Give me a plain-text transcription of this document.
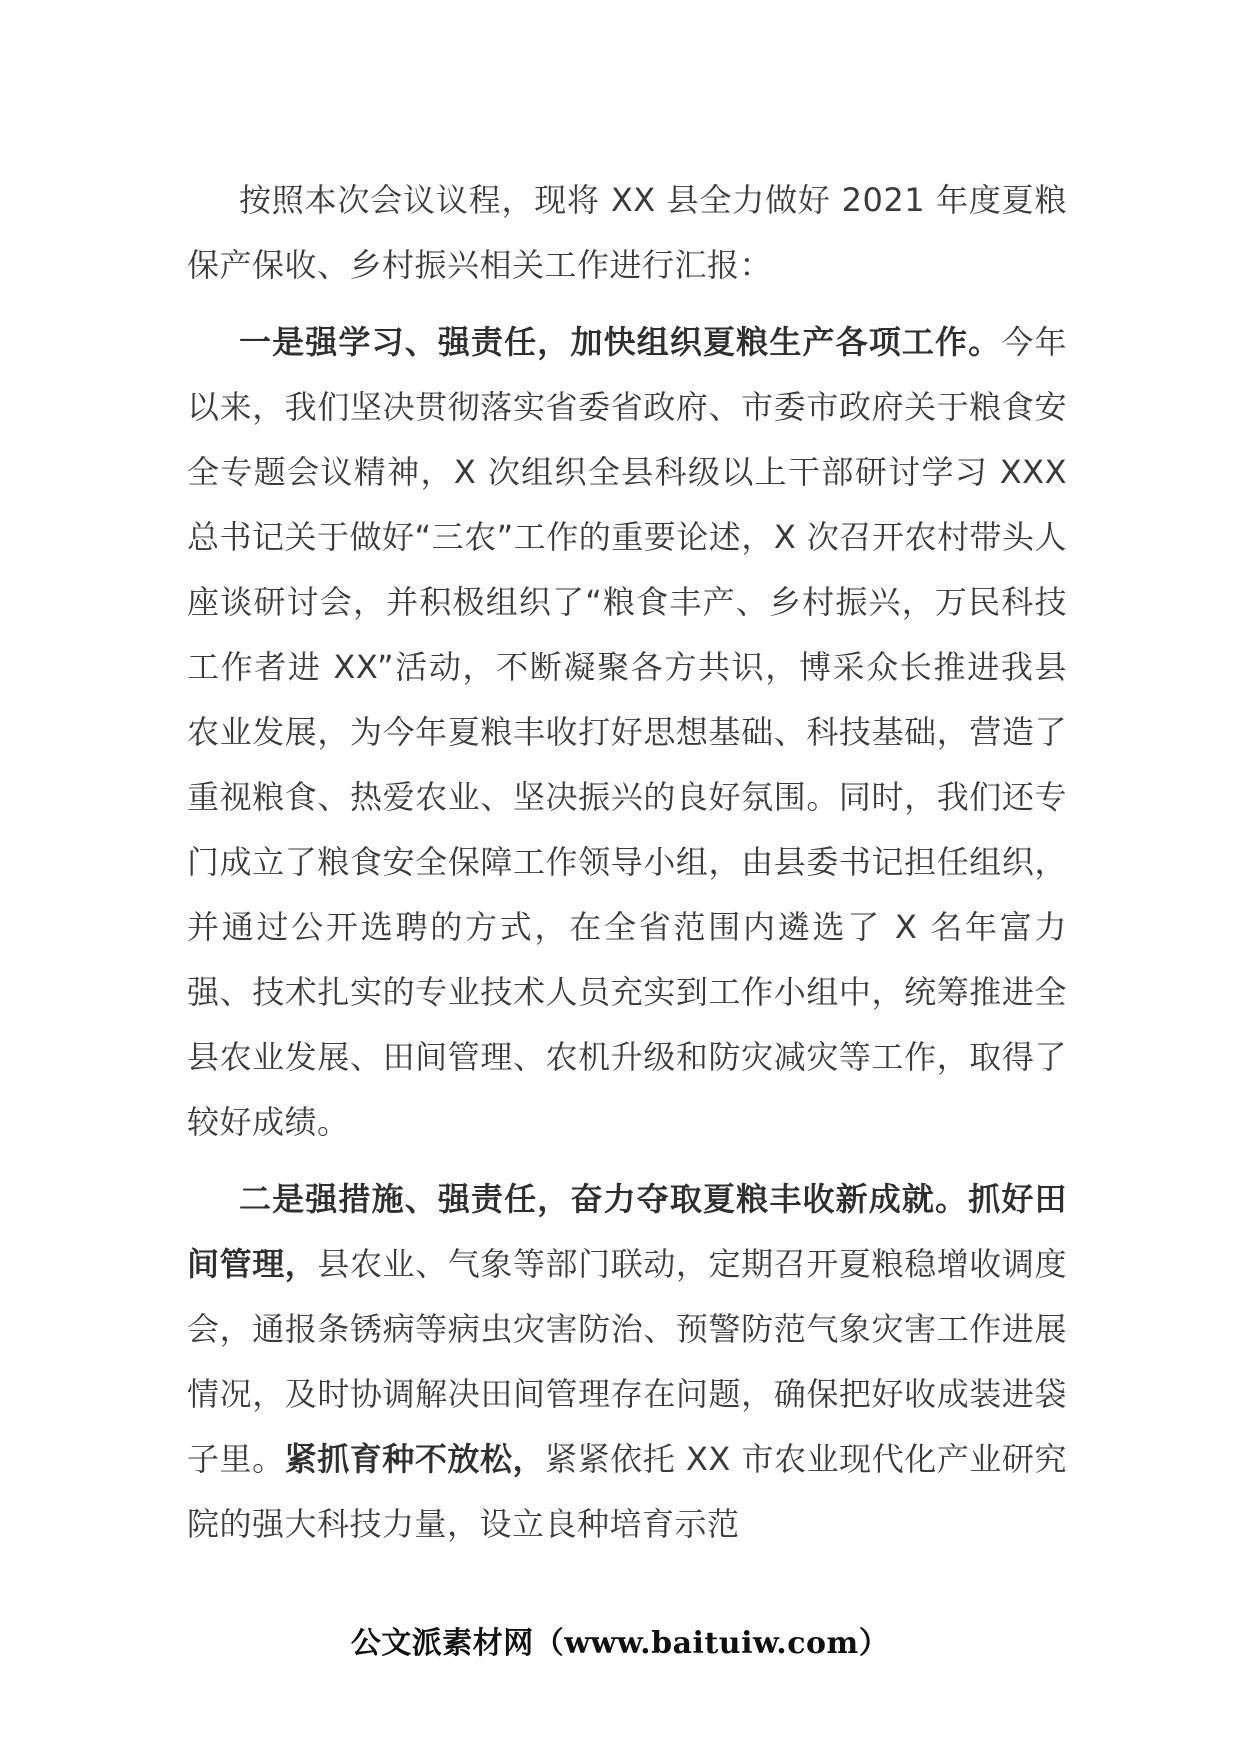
按照本次会议议程，现将 XX 县全力做好 2021 年度夏粮保产保收、乡村振兴相关工作进行汇报：

一是强学习、强责任，加快组织夏粮生产各项工作。今年以来，我们坚决贯彻落实省委省政府、市委市政府关于粮食安全专题会议精神，X 次组织全县科级以上干部研讨学习 XXX 总书记关于做好“三农”工作的重要论述，X 次召开农村带头人座谈研讨会，并积极组织了“粮食丰产、乡村振兴，万民科技工作者进 XX”活动，不断凝聚各方共识，博采众长推进我县农业发展，为今年夏粮丰收打好思想基础、科技基础，营造了重视粮食、热爱农业、坚决振兴的良好氛围。同时，我们还专门成立了粮食安全保障工作领导小组，由县委书记担任组织，并通过公开选聘的方式，在全省范围内遴选了 X 名年富力强、技术扎实的专业技术人员充实到工作小组中，统筹推进全县农业发展、田间管理、农机升级和防灾减灾等工作，取得了较好成绩。

二是强措施、强责任，奋力夺取夏粮丰收新成就。抓好田间管理，县农业、气象等部门联动，定期召开夏粮稳增收调度会，通报条锈病等病虫灾害防治、预警防范气象灾害工作进展情况，及时协调解决田间管理存在问题，确保把好收成装进袋子里。紧抓育种不放松，紧紧依托 XX 市农业现代化产业研究院的强大科技力量，设立良种培育示范

公文派素材网（www.baituiw.com）
